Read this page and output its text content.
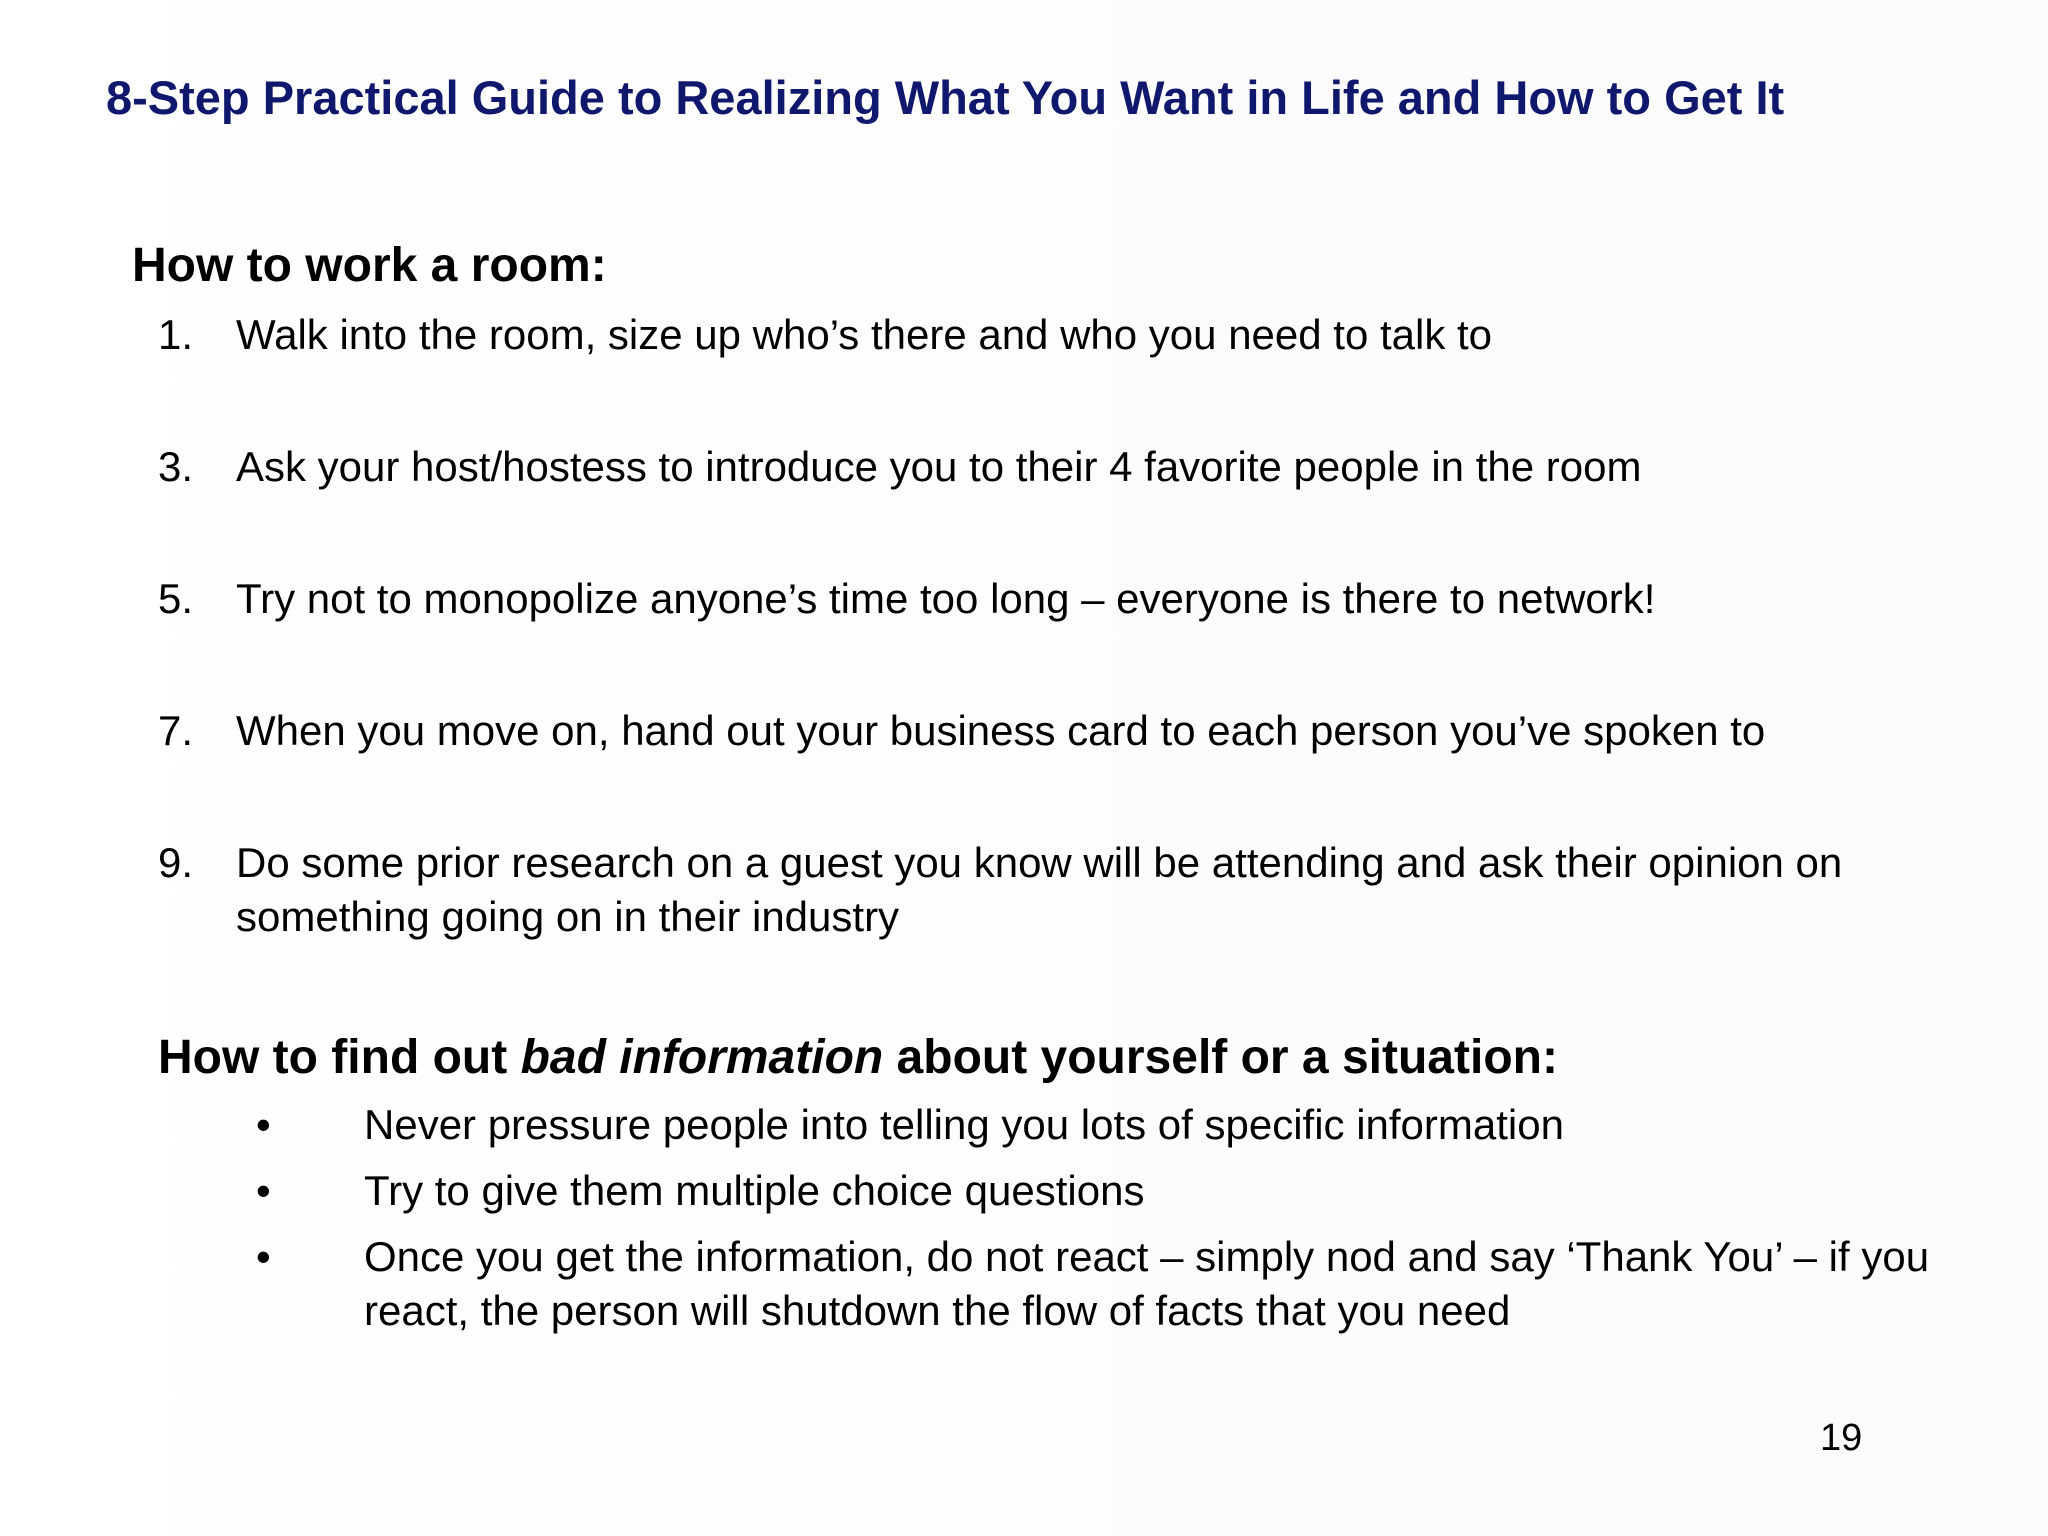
8-Step Practical Guide to Realizing What You Want in Life and How to Get It
How to work a room:
1.	Walk into the room, size up who’s there and who you need to talk to
3.	Ask your host/hostess to introduce you to their 4 favorite people in the room
5.	Try not to monopolize anyone’s time too long – everyone is there to network!
7.	When you move on, hand out your business card to each person you’ve spoken to
9.	Do some prior research on a guest you know will be attending and ask their opinion on something going on in their industry
How to find out bad information about yourself or a situation:
•	Never pressure people into telling you lots of specific information
•	Try to give them multiple choice questions
•	Once you get the information, do not react – simply nod and say ‘Thank You’ – if you react, the person will shutdown the flow of facts that you need
19
